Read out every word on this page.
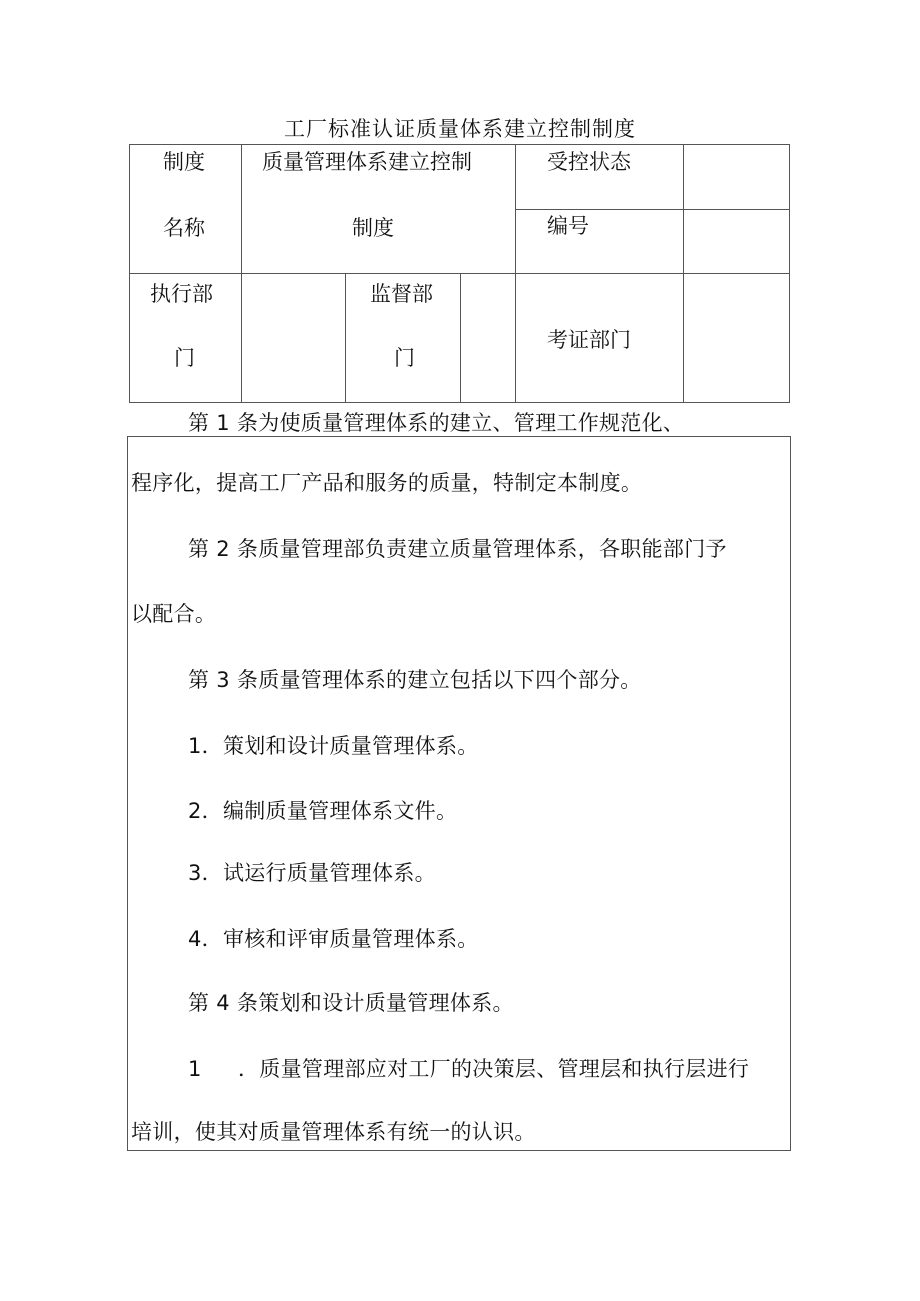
工厂标准认证质量体系建立控制制度
制度
名称
质量管理体系建立控制
制度
受控状态
编号
执行部
门
监督部
门
考证部门
第 1 条为使质量管理体系的建立、管理工作规范化、
程序化，提高工厂产品和服务的质量，特制定本制度。
第 2 条质量管理部负责建立质量管理体系，各职能部门予
以配合。
第 3 条质量管理体系的建立包括以下四个部分。
1．策划和设计质量管理体系。
2．编制质量管理体系文件。
3．试运行质量管理体系。
4．审核和评审质量管理体系。
第 4 条策划和设计质量管理体系。
1 ．质量管理部应对工厂的决策层、管理层和执行层进行
培训，使其对质量管理体系有统一的认识。
